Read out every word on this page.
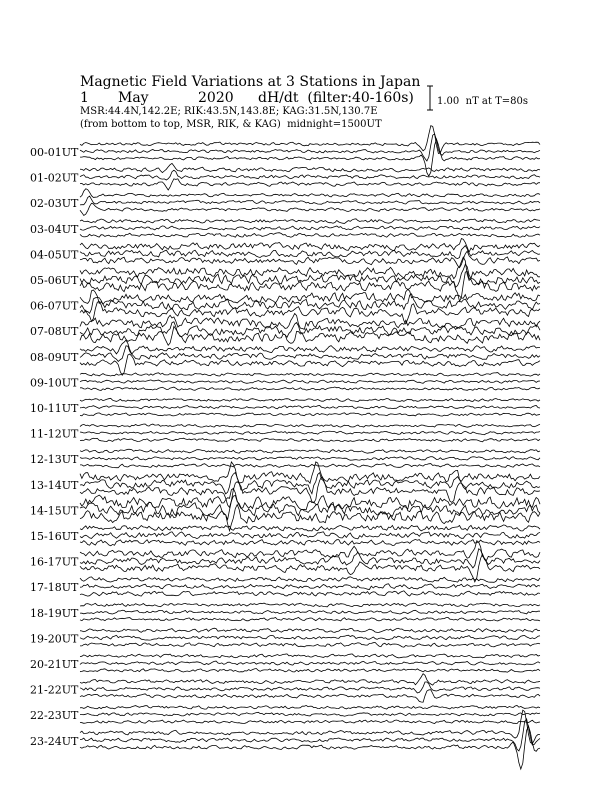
Magnetic Field Variations at 3 Stations in Japan
1 May	2020 dH/dt  (filter:40-160s)
MSR:44.4N,142.2E; RIK:43.5N,143.8E; KAG:31.5N,130.7E
(from bottom to top, MSR, RIK, & KAG)  midnight=1500UT
1.00  nT at T=80s
00-01UT
01-02UT
02-03UT
03-04UT
04-05UT
05-06UT
06-07UT
07-08UT
08-09UT
09-10UT
10-11UT
11-12UT
12-13UT
13-14UT
14-15UT
15-16UT
16-17UT
17-18UT
18-19UT
19-20UT
20-21UT
21-22UT
22-23UT
23-24UT
